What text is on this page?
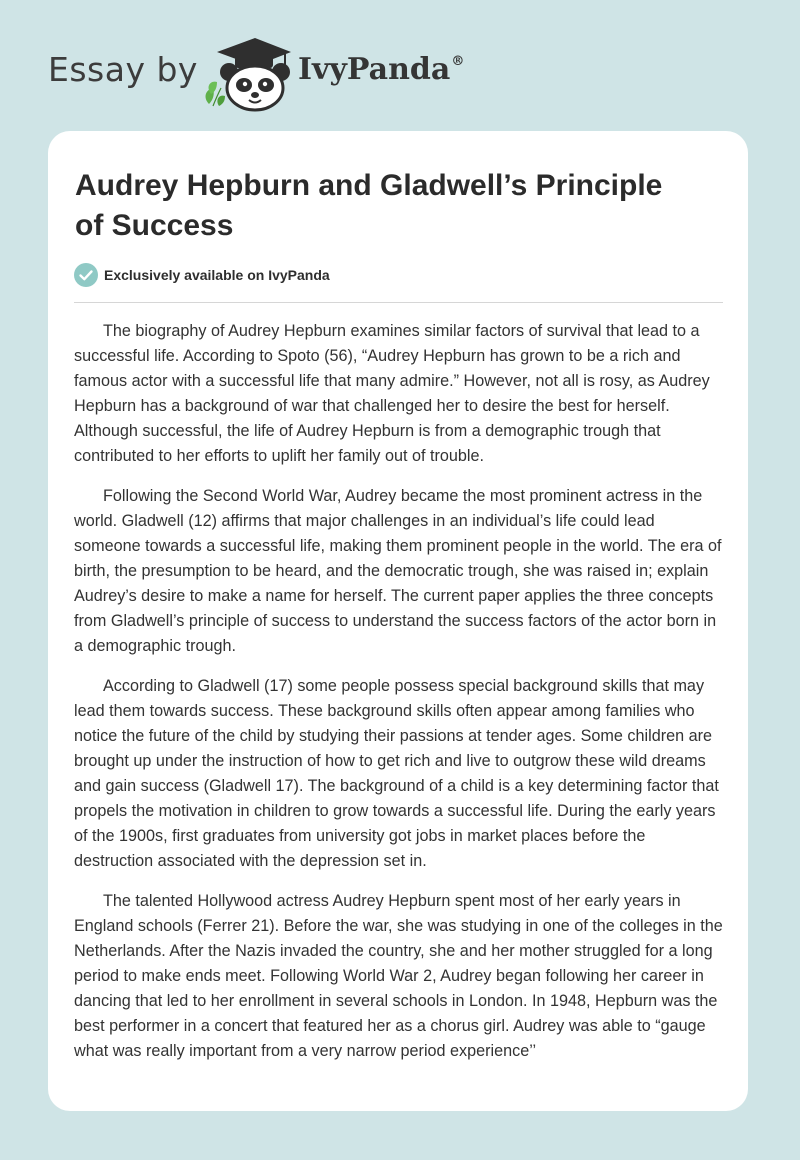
Essay by	IvyPanda®
Audrey Hepburn and Gladwell’s Principle of Success
Exclusively available on IvyPanda

The biography of Audrey Hepburn examines similar factors of survival that lead to a successful life. According to Spoto (56), “Audrey Hepburn has grown to be a rich and famous actor with a successful life that many admire.” However, not all is rosy, as Audrey Hepburn has a background of war that challenged her to desire the best for herself. Although successful, the life of Audrey Hepburn is from a demographic trough that contributed to her efforts to uplift her family out of trouble.

Following the Second World War, Audrey became the most prominent actress in the world. Gladwell (12) affirms that major challenges in an individual’s life could lead someone towards a successful life, making them prominent people in the world. The era of birth, the presumption to be heard, and the democratic trough, she was raised in; explain Audrey’s desire to make a name for herself. The current paper applies the three concepts from Gladwell’s principle of success to understand the success factors of the actor born in a demographic trough.

According to Gladwell (17) some people possess special background skills that may lead them towards success. These background skills often appear among families who notice the future of the child by studying their passions at tender ages. Some children are brought up under the instruction of how to get rich and live to outgrow these wild dreams and gain success (Gladwell 17). The background of a child is a key determining factor that propels the motivation in children to grow towards a successful life. During the early years of the 1900s, first graduates from university got jobs in market places before the destruction associated with the depression set in.

The talented Hollywood actress Audrey Hepburn spent most of her early years in England schools (Ferrer 21). Before the war, she was studying in one of the colleges in the Netherlands. After the Nazis invaded the country, she and her mother struggled for a long period to make ends meet. Following World War 2, Audrey began following her career in dancing that led to her enrollment in several schools in London. In 1948, Hepburn was the best performer in a concert that featured her as a chorus girl. Audrey was able to “gauge what was really important from a very narrow period experience’’
